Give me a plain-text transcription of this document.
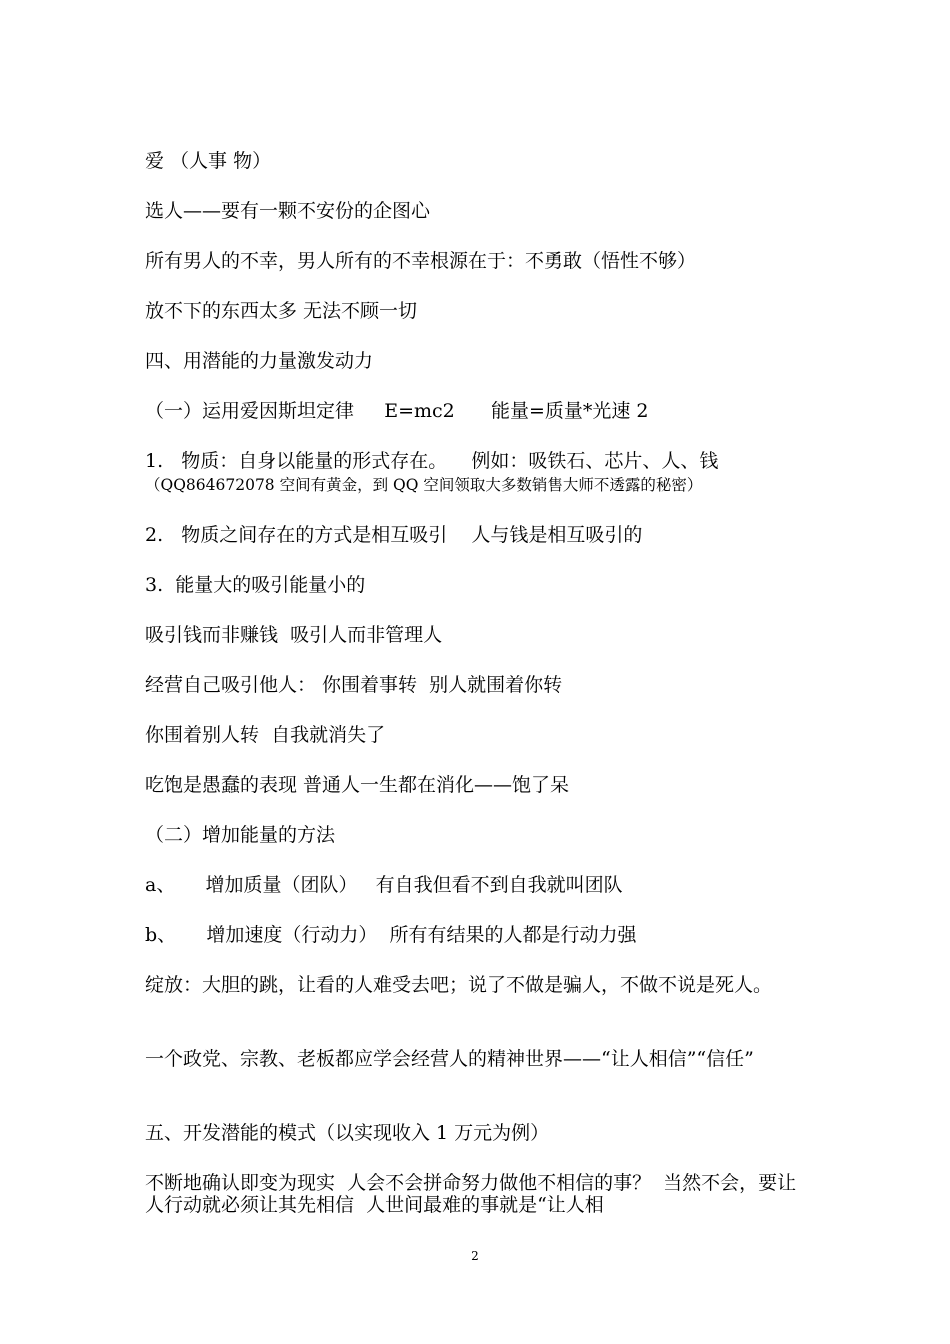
爱 （人事 物）

选人——要有一颗不安份的企图心

所有男人的不幸，男人所有的不幸根源在于：不勇敢（悟性不够）

放不下的东西太多 无法不顾一切

四、用潜能的力量激发动力

（一）运用爱因斯坦定律     E=mc2      能量=质量*光速 2

1.   物质：自身以能量的形式存在。    例如：吸铁石、芯片、人、钱

（QQ864672078 空间有黄金，到 QQ 空间领取大多数销售大师不透露的秘密）

2.   物质之间存在的方式是相互吸引    人与钱是相互吸引的

3.  能量大的吸引能量小的

吸引钱而非赚钱  吸引人而非管理人

经营自己吸引他人： 你围着事转  别人就围着你转

你围着别人转  自我就消失了

吃饱是愚蠢的表现 普通人一生都在消化——饱了呆

（二）增加能量的方法

a、     增加质量（团队）   有自我但看不到自我就叫团队

b、     增加速度（行动力）  所有有结果的人都是行动力强

绽放：大胆的跳，让看的人难受去吧；说了不做是骗人，不做不说是死人。

一个政党、宗教、老板都应学会经营人的精神世界——“让人相信”“信任”

五、开发潜能的模式（以实现收入 1 万元为例）

不断地确认即变为现实  人会不会拼命努力做他不相信的事？  当然不会，要让人行动就必须让其先相信  人世间最难的事就是“让人相

2
